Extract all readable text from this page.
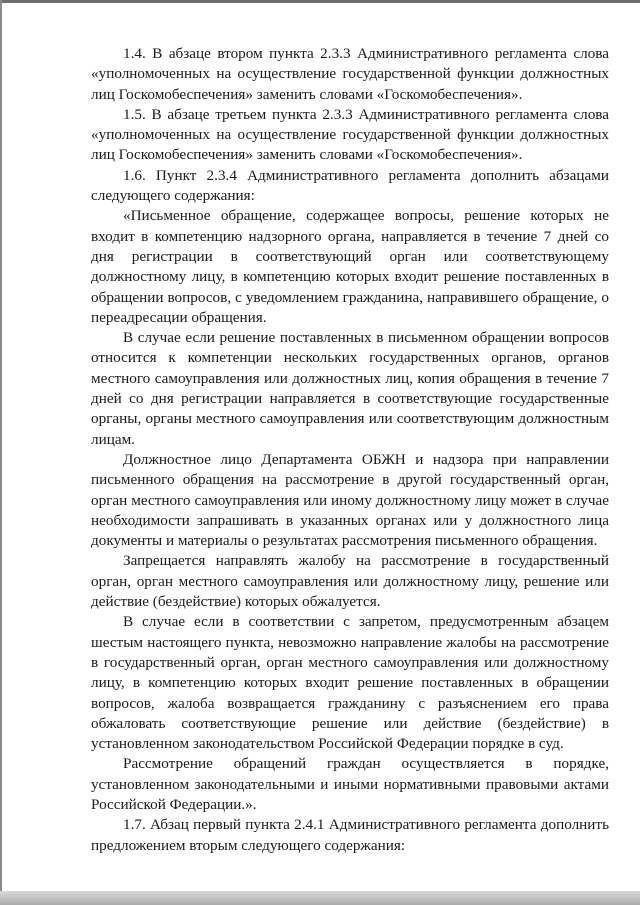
1.4. В абзаце втором пункта 2.3.3 Административного регламента слова «уполномоченных на осуществление государственной функции должностных лиц Госкомобеспечения» заменить словами «Госкомобеспечения».

1.5. В абзаце третьем пункта 2.3.3 Административного регламента слова «уполномоченных на осуществление государственной функции должностных лиц Госкомобеспечения» заменить словами «Госкомобеспечения».

1.6. Пункт 2.3.4 Административного регламента дополнить абзацами следующего содержания:

«Письменное обращение, содержащее вопросы, решение которых не входит в компетенцию надзорного органа, направляется в течение 7 дней со дня регистрации в соответствующий орган или соответствующему должностному лицу, в компетенцию которых входит решение поставленных в обращении вопросов, с уведомлением гражданина, направившего обращение, о переадресации обращения.

В случае если решение поставленных в письменном обращении вопросов относится к компетенции нескольких государственных органов, органов местного самоуправления или должностных лиц, копия обращения в течение 7 дней со дня регистрации направляется в соответствующие государственные органы, органы местного самоуправления или соответствующим должностным лицам.

Должностное лицо Департамента ОБЖН и надзора при направлении письменного обращения на рассмотрение в другой государственный орган, орган местного самоуправления или иному должностному лицу может в случае необходимости запрашивать в указанных органах или у должностного лица документы и материалы о результатах рассмотрения письменного обращения.

Запрещается направлять жалобу на рассмотрение в государственный орган, орган местного самоуправления или должностному лицу, решение или действие (бездействие) которых обжалуется.

В случае если в соответствии с запретом, предусмотренным абзацем шестым настоящего пункта, невозможно направление жалобы на рассмотрение в государственный орган, орган местного самоуправления или должностному лицу, в компетенцию которых входит решение поставленных в обращении вопросов, жалоба возвращается гражданину с разъяснением его права обжаловать соответствующие решение или действие (бездействие) в установленном законодательством Российской Федерации порядке в суд.

Рассмотрение обращений граждан осуществляется в порядке, установленном законодательными и иными нормативными правовыми актами Российской Федерации.».

1.7. Абзац первый пункта 2.4.1 Административного регламента дополнить предложением вторым следующего содержания:
